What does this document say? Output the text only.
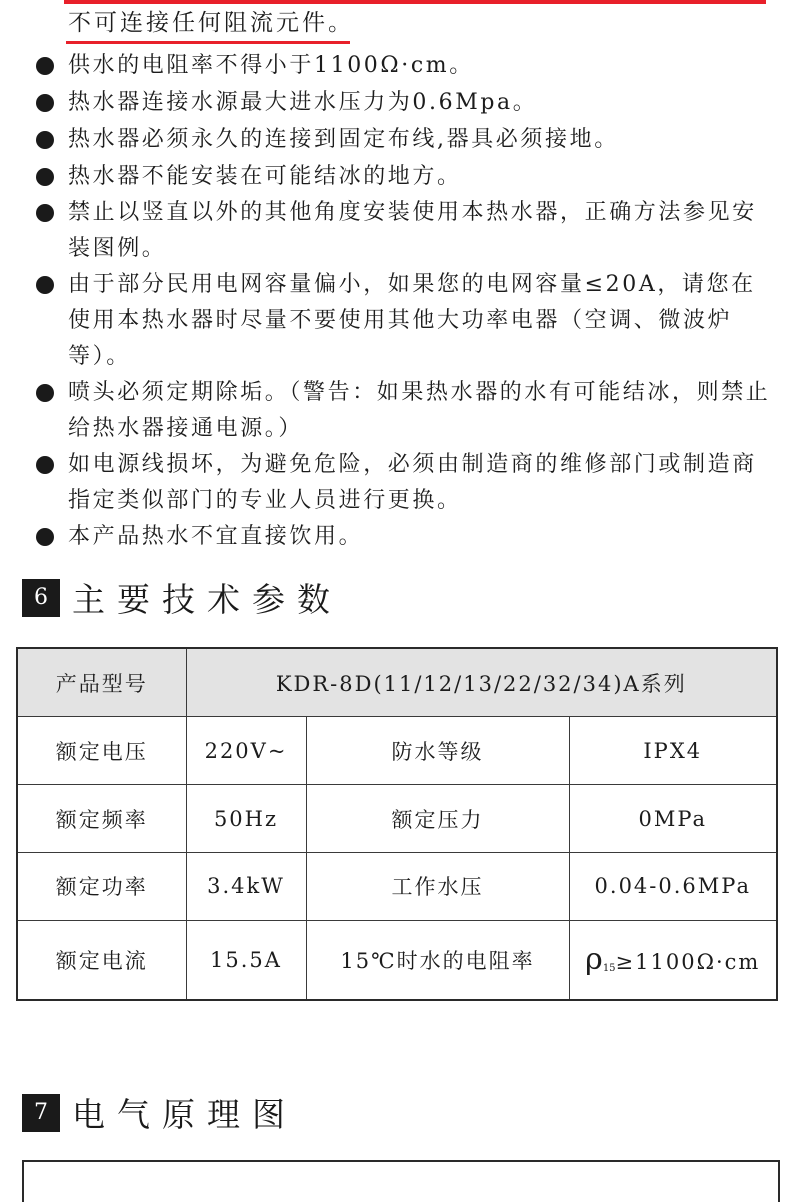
不可连接任何阻流元件。
供水的电阻率不得小于1100Ω·cm。
热水器连接水源最大进水压力为0.6Mpa。
热水器必须永久的连接到固定布线,器具必须接地。
热水器不能安装在可能结冰的地方。
禁止以竖直以外的其他角度安装使用本热水器，正确方法参见安装图例。
由于部分民用电网容量偏小，如果您的电网容量≤20A，请您在使用本热水器时尽量不要使用其他大功率电器（空调、微波炉等）。
喷头必须定期除垢。（警告：如果热水器的水有可能结冰，则禁止给热水器接通电源。）
如电源线损坏，为避免危险，必须由制造商的维修部门或制造商指定类似部门的专业人员进行更换。
本产品热水不宜直接饮用。
6 主要技术参数
产品型号	KDR-8D(11/12/13/22/32/34)A系列		
额定电压	220V~	防水等级	IPX4
额定频率	50Hz	额定压力	0MPa
额定功率	3.4kW	工作水压	0.04-0.6MPa
额定电流	15.5A	15℃时水的电阻率	$\rho_{15}\ge 1100\Omega\cdot cm$
7 电气原理图
